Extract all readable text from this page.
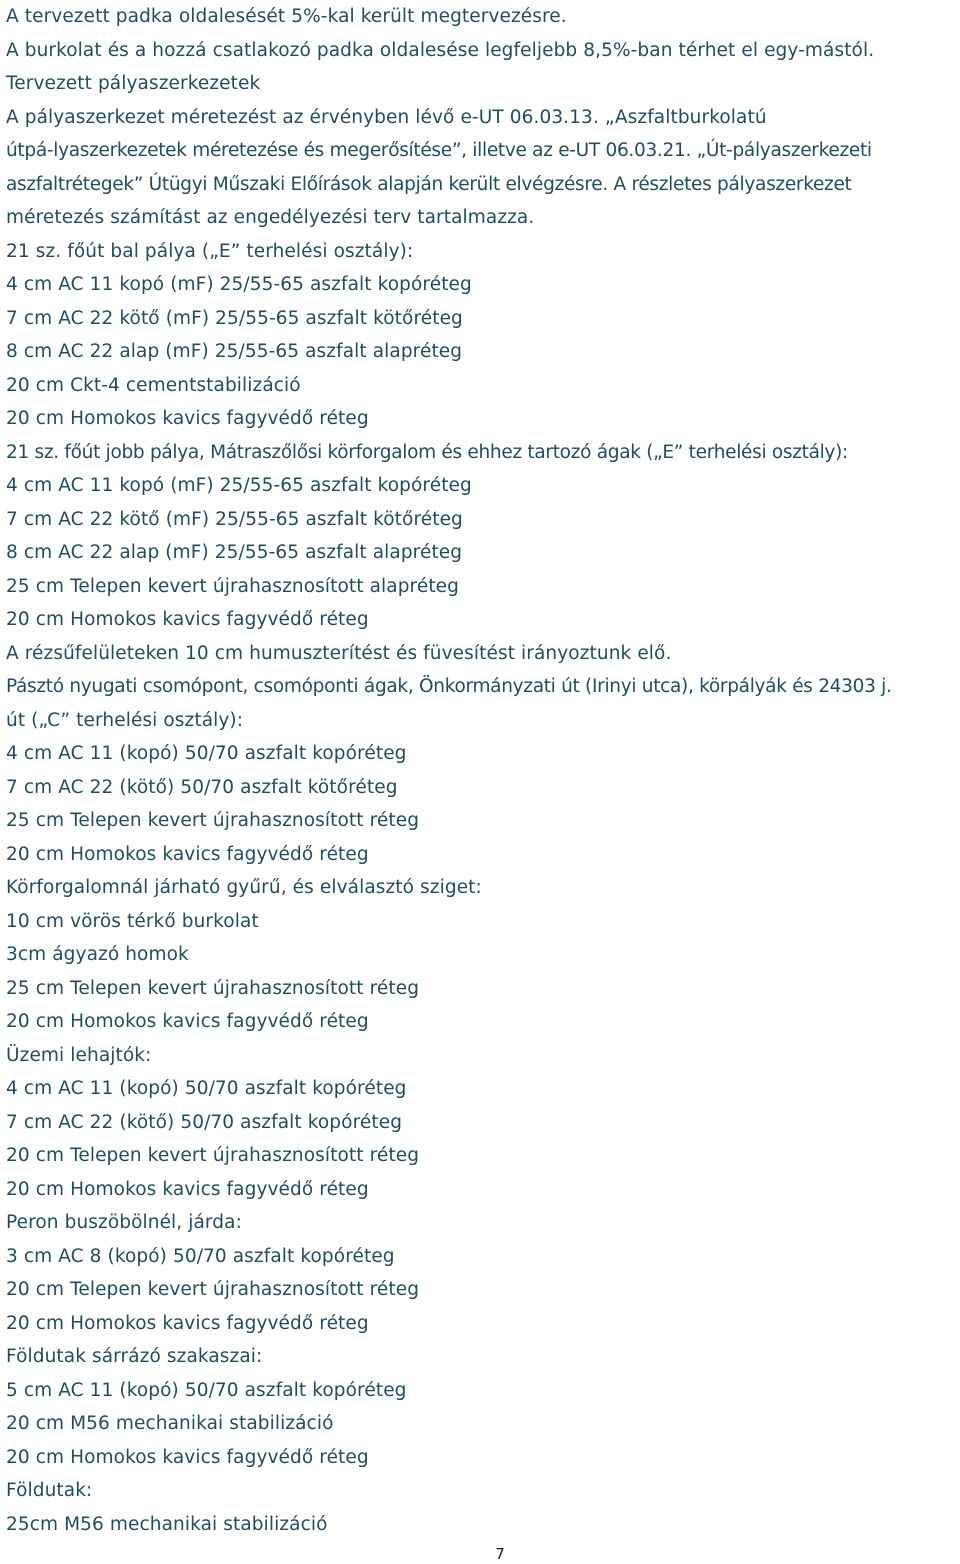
A tervezett padka oldalesését 5%-kal került megtervezésre.
A burkolat és a hozzá csatlakozó padka oldalesése legfeljebb 8,5%-ban térhet el egy-mástól.
Tervezett pályaszerkezetek
A pályaszerkezet méretezést az érvényben lévő e-UT 06.03.13. „Aszfaltburkolatú
útpá-lyaszerkezetek méretezése és megerősítése”, illetve az e-UT 06.03.21. „Út-pályaszerkezeti
aszfaltrétegek” Útügyi Műszaki Előírások alapján került elvégzésre. A részletes pályaszerkezet
méretezés számítást az engedélyezési terv tartalmazza.
21 sz. főút bal pálya („E” terhelési osztály):
4 cm AC 11 kopó (mF) 25/55-65 aszfalt kopóréteg
7 cm AC 22 kötő (mF) 25/55-65 aszfalt kötőréteg
8 cm AC 22 alap (mF) 25/55-65 aszfalt alapréteg
20 cm Ckt-4 cementstabilizáció
20 cm Homokos kavics fagyvédő réteg
21 sz. főút jobb pálya, Mátraszőlősi körforgalom és ehhez tartozó ágak („E” terhelési osztály):
4 cm AC 11 kopó (mF) 25/55-65 aszfalt kopóréteg
7 cm AC 22 kötő (mF) 25/55-65 aszfalt kötőréteg
8 cm AC 22 alap (mF) 25/55-65 aszfalt alapréteg
25 cm Telepen kevert újrahasznosított alapréteg
20 cm Homokos kavics fagyvédő réteg
A rézsűfelületeken 10 cm humuszterítést és füvesítést irányoztunk elő.
Pásztó nyugati csomópont, csomóponti ágak, Önkormányzati út (Irinyi utca), körpályák és 24303 j.
út („C” terhelési osztály):
4 cm AC 11 (kopó) 50/70 aszfalt kopóréteg
7 cm AC 22 (kötő) 50/70 aszfalt kötőréteg
25 cm Telepen kevert újrahasznosított réteg
20 cm Homokos kavics fagyvédő réteg
Körforgalomnál járható gyűrű, és elválasztó sziget:
10 cm vörös térkő burkolat
3cm ágyazó homok
25 cm Telepen kevert újrahasznosított réteg
20 cm Homokos kavics fagyvédő réteg
Üzemi lehajtók:
4 cm AC 11 (kopó) 50/70 aszfalt kopóréteg
7 cm AC 22 (kötő) 50/70 aszfalt kopóréteg
20 cm Telepen kevert újrahasznosított réteg
20 cm Homokos kavics fagyvédő réteg
Peron buszöbölnél, járda:
3 cm AC 8 (kopó) 50/70 aszfalt kopóréteg
20 cm Telepen kevert újrahasznosított réteg
20 cm Homokos kavics fagyvédő réteg
Földutak sárrázó szakaszai:
5 cm AC 11 (kopó) 50/70 aszfalt kopóréteg
20 cm M56 mechanikai stabilizáció
20 cm Homokos kavics fagyvédő réteg
Földutak:
25cm M56 mechanikai stabilizáció
7
